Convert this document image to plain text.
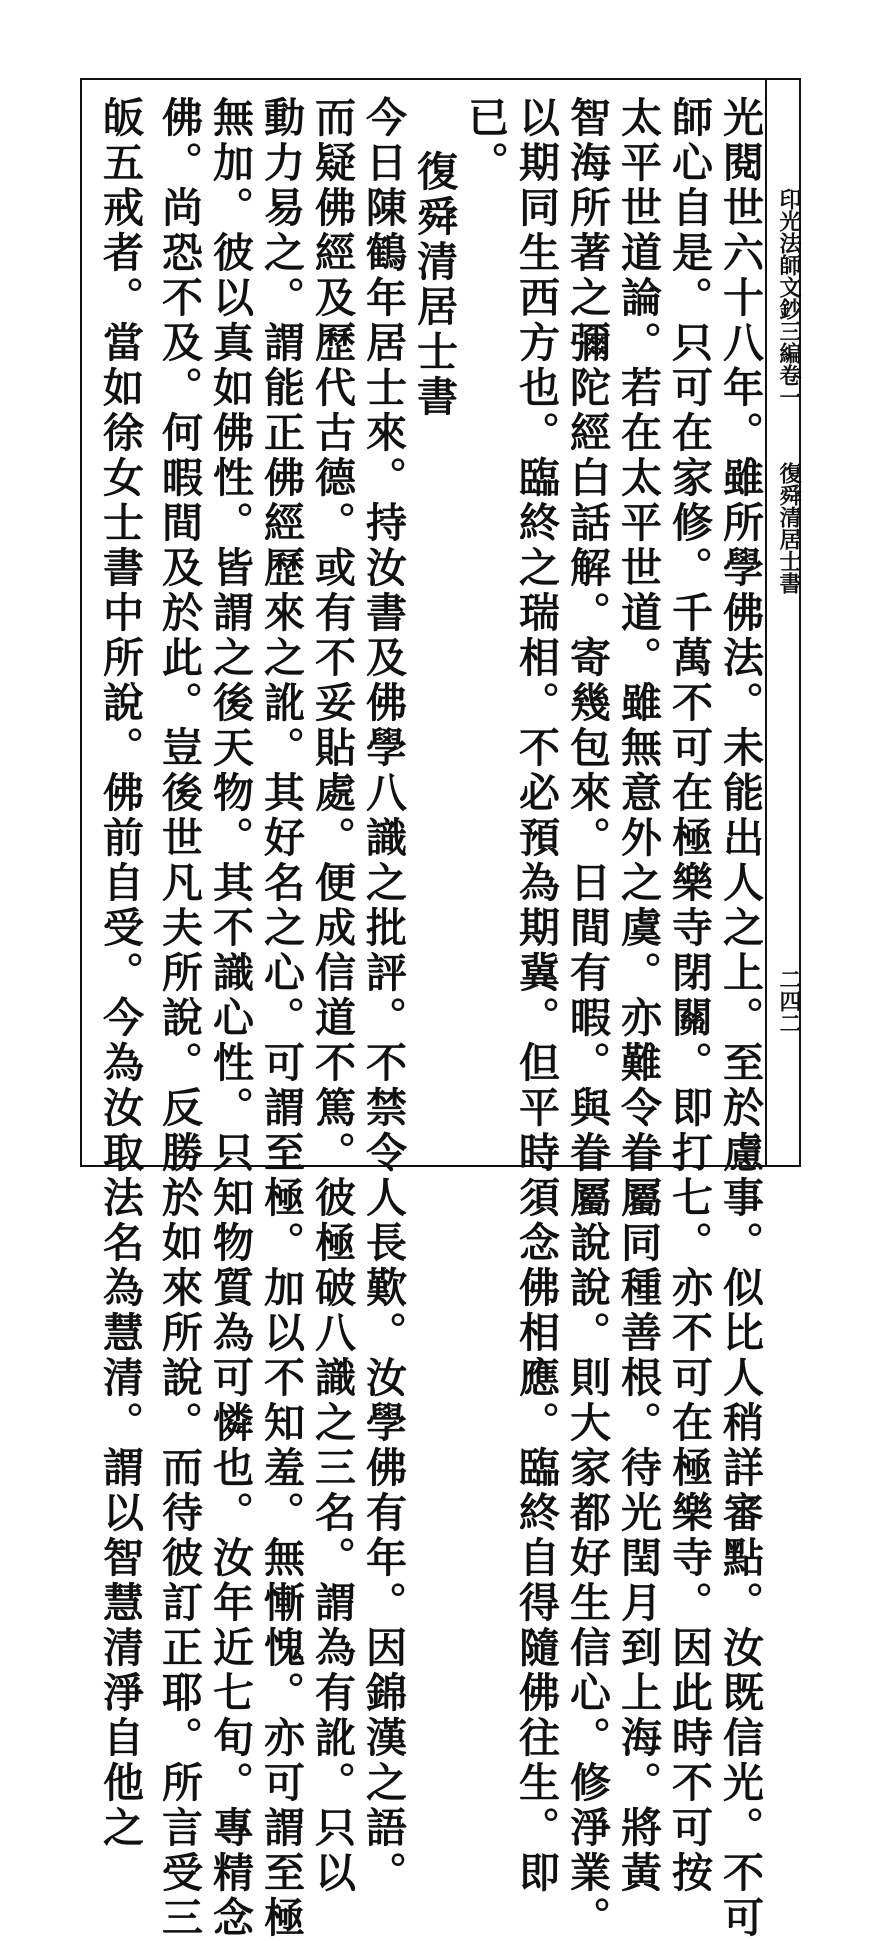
印光法師文鈔三編卷一
復舜清居士書
二四二
光閱世六十八年。雖所學佛法。未能出人之上。至於慮事。似比人稍詳審點。汝既信光。不可
師心自是。只可在家修。千萬不可在極樂寺閉關。即打七。亦不可在極樂寺。因此時不可按
太平世道論。若在太平世道。雖無意外之虞。亦難令眷屬同種善根。待光閏月到上海。將黃
智海所著之彌陀經白話解。寄幾包來。日間有暇。與眷屬說說。則大家都好生信心。修淨業。
以期同生西方也。臨終之瑞相。不必預為期冀。但平時須念佛相應。臨終自得隨佛往生。即
已。
復舜清居士書
今日陳鶴年居士來。持汝書及佛學八識之批評。不禁令人長歎。汝學佛有年。因錦漢之語。
而疑佛經及歷代古德。或有不妥貼處。便成信道不篤。彼極破八識之三名。謂為有訛。只以
動力易之。謂能正佛經歷來之訛。其好名之心。可謂至極。加以不知羞。無慚愧。亦可謂至極
無加。彼以真如佛性。皆謂之後天物。其不識心性。只知物質為可憐也。汝年近七旬。專精念
佛。尚恐不及。何暇間及於此。豈後世凡夫所說。反勝於如來所說。而待彼訂正耶。所言受三
皈五戒者。當如徐女士書中所說。佛前自受。今為汝取法名為慧清。謂以智慧清淨自他之
